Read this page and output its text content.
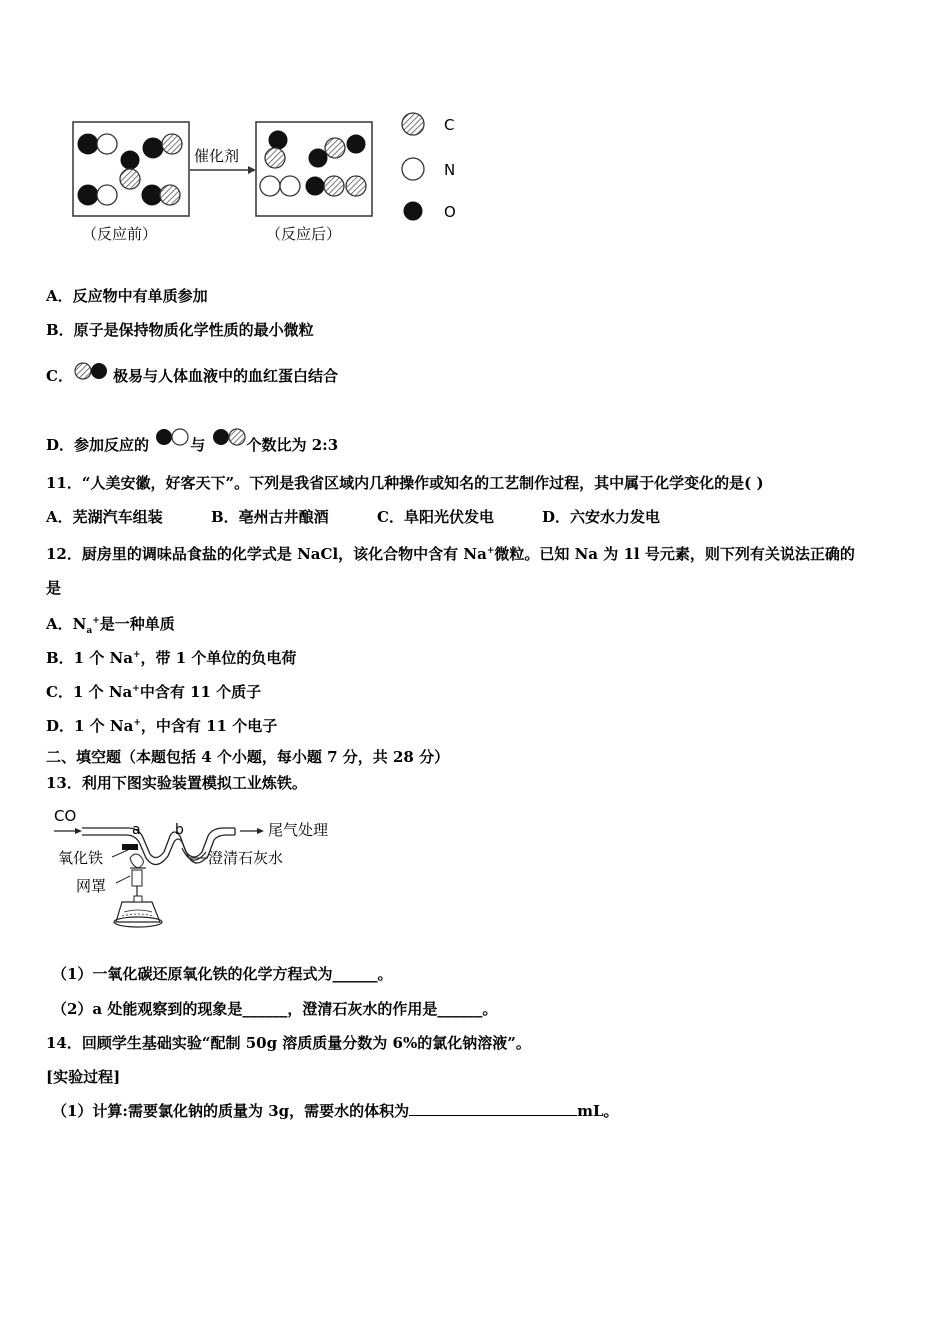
催化剂
（反应前）	（反应后）
C
N
O
A．反应物中有单质参加
B．原子是保持物质化学性质的最小微粒
C．	极易与人体血液中的血红蛋白结合
D．参加反应的	与	个数比为 2:3
11．“人美安徽，好客天下”。下列是我省区域内几种操作或知名的工艺制作过程，其中属于化学变化的是( )
A．芜湖汽车组装	B．亳州古井酿酒	C．阜阳光伏发电	D．六安水力发电
12．厨房里的调味品食盐的化学式是 NaCl，该化合物中含有 Na+微粒。已知 Na 为 1l 号元素，则下列有关说法正确的
是
A．$N_a^+$是一种单质
B．1 个 Na+，带 1 个单位的负电荷
C．1 个 Na+中含有 11 个质子
D．1 个 Na+，中含有 11 个电子
二、填空题（本题包括 4 个小题，每小题 7 分，共 28 分）
13．利用下图实验装置模拟工业炼铁。
CO
a b	尾气处理
氧化铁	澄清石灰水
网罩
（1）一氧化碳还原氧化铁的化学方程式为______。
（2）a 处能观察到的现象是______，澄清石灰水的作用是______。
14．回顾学生基础实验“配制 50g 溶质质量分数为 6%的氯化钠溶液”。
[实验过程]
（1）计算:需要氯化钠的质量为 3g，需要水的体积为	mL。
